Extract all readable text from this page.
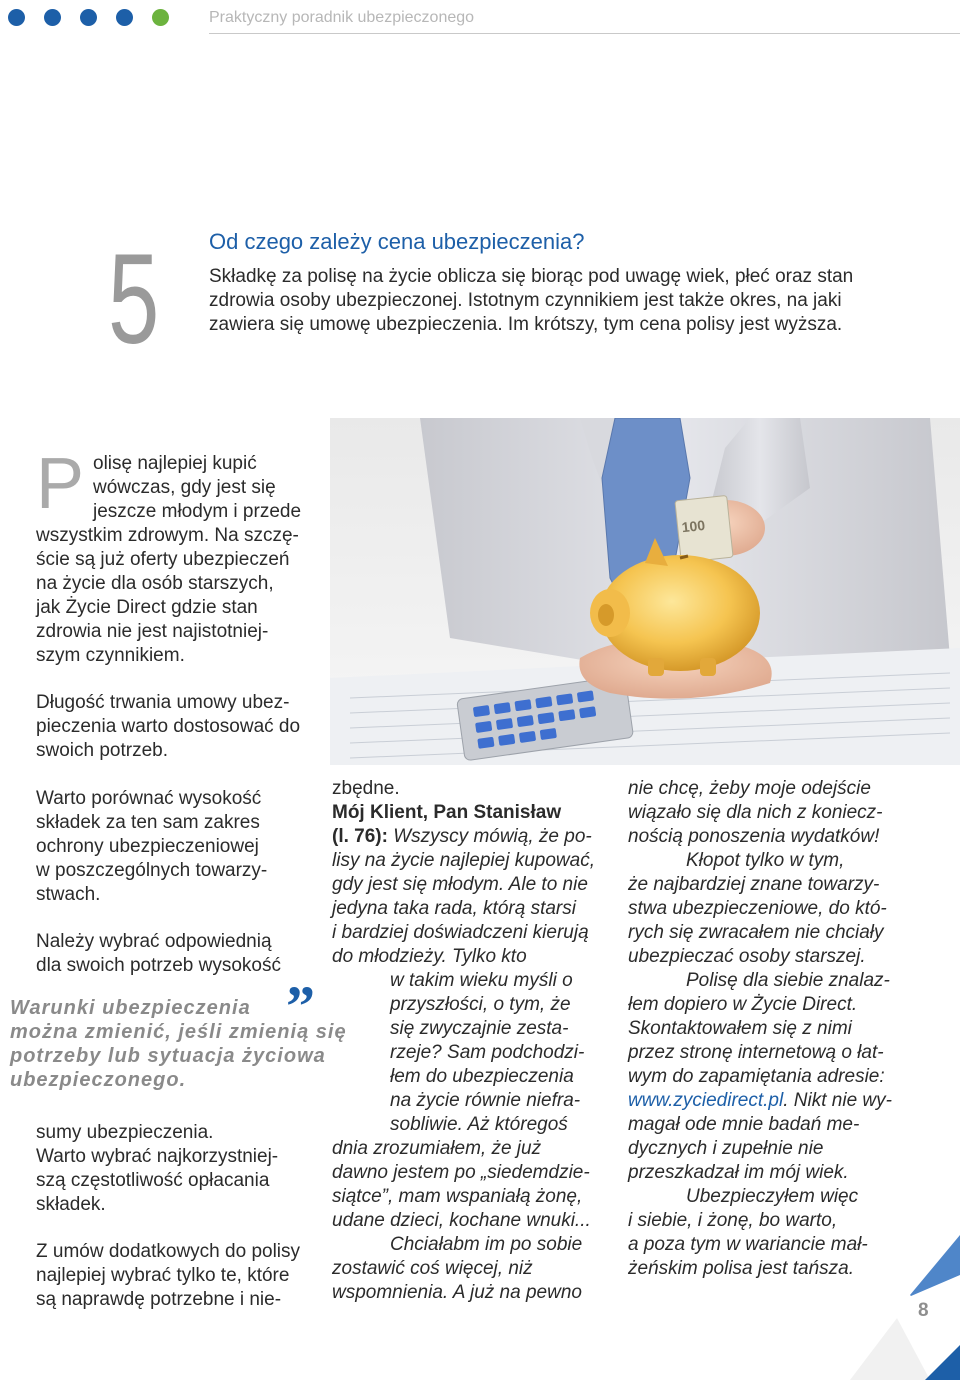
Praktyczny poradnik ubezpieczonego
5 Od czego zależy cena ubezpieczenia?
Składkę za polisę na życie oblicza się biorąc pod uwagę wiek, płeć oraz stan
zdrowia osoby ubezpieczonej. Istotnym czynnikiem jest także okres, na jaki
zawiera się umowę ubezpieczenia. Im krótszy, tym cena polisy jest wyższa.
100
P olisę najlepiej kupić
wówczas, gdy jest się
jeszcze młodym i przede
wszystkim zdrowym. Na szczę-
ście są już oferty ubezpieczeń
na życie dla osób starszych,
jak Życie Direct gdzie stan
zdrowia nie jest najistotniej-
szym czynnikiem.
Długość trwania umowy ubez-
pieczenia warto dostosować do
swoich potrzeb.
Warto porównać wysokość
składek za ten sam zakres
ochrony ubezpieczeniowej
w poszczególnych towarzy-
stwach.
Należy wybrać odpowiednią
dla swoich potrzeb wysokość
”
Warunki ubezpieczenia
można zmienić, jeśli zmienią się
potrzeby lub sytuacja życiowa
ubezpieczonego.
sumy ubezpieczenia.
Warto wybrać najkorzystniej-
szą częstotliwość opłacania
składek.
Z umów dodatkowych do polisy
najlepiej wybrać tylko te, które
są naprawdę potrzebne i nie-
zbędne.
Mój Klient, Pan Stanisław
(l. 76): Wszyscy mówią, że po-
lisy na życie najlepiej kupować,
gdy jest się młodym. Ale to nie
jedyna taka rada, którą starsi
i bardziej doświadczeni kierują
do młodzieży. Tylko kto
w takim wieku myśli o
przyszłości, o tym, że
się zwyczajnie zesta-
rzeje? Sam podchodzi-
łem do ubezpieczenia
na życie równie niefra-
sobliwie. Aż któregoś
dnia zrozumiałem, że już
dawno jestem po „siedemdzie-
siątce”, mam wspaniałą żonę,
udane dzieci, kochane wnuki...
Chciałabm im po sobie
zostawić coś więcej, niż
wspomnienia. A już na pewno
nie chcę, żeby moje odejście
wiązało się dla nich z koniecz-
nością ponoszenia wydatków!
Kłopot tylko w tym,
że najbardziej znane towarzy-
stwa ubezpieczeniowe, do któ-
rych się zwracałem nie chciały
ubezpieczać osoby starszej.
Polisę dla siebie znalaz-
łem dopiero w Życie Direct.
Skontaktowałem się z nimi
przez stronę internetową o łat-
wym do zapamiętania adresie:
www.zyciedirect.pl. Nikt nie wy-
magał ode mnie badań me-
dycznych i zupełnie nie
przeszkadzał im mój wiek.
Ubezpieczyłem więc
i siebie, i żonę, bo warto,
a poza tym w wariancie mał-
żeńskim polisa jest tańsza.
8
